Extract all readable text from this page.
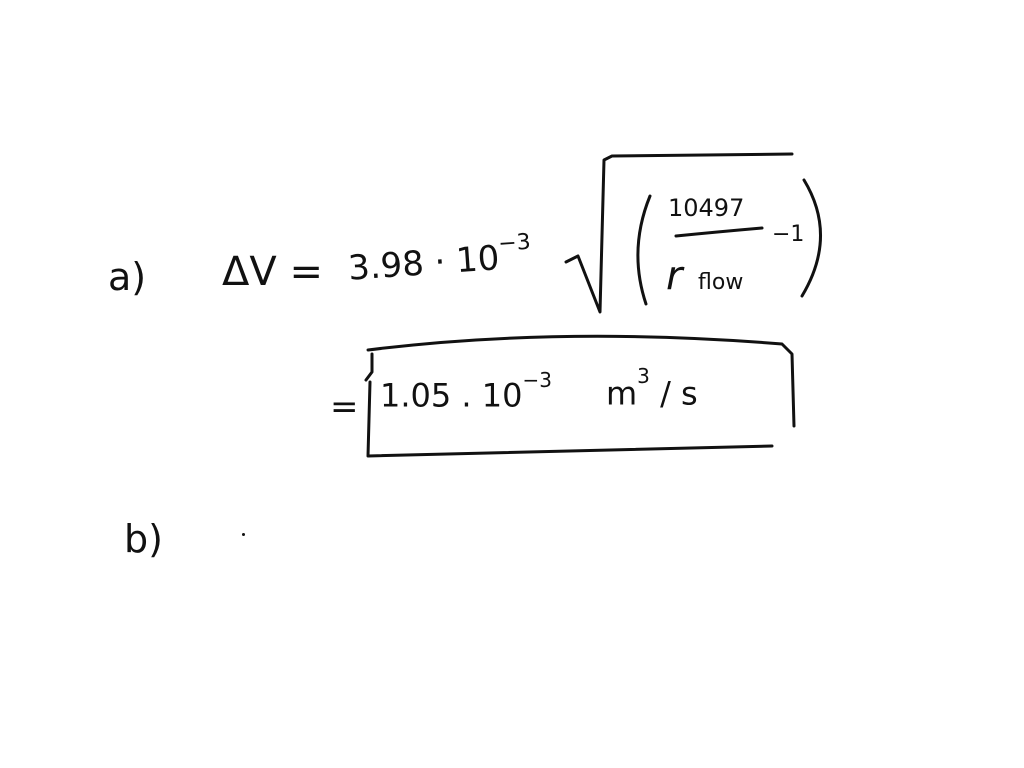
a) $\Delta V = 3.98 \cdot 10^{-3}$
10497
−1
r flow
= 1.05 . $10^{-3}$ $m^3$ / s
b)
